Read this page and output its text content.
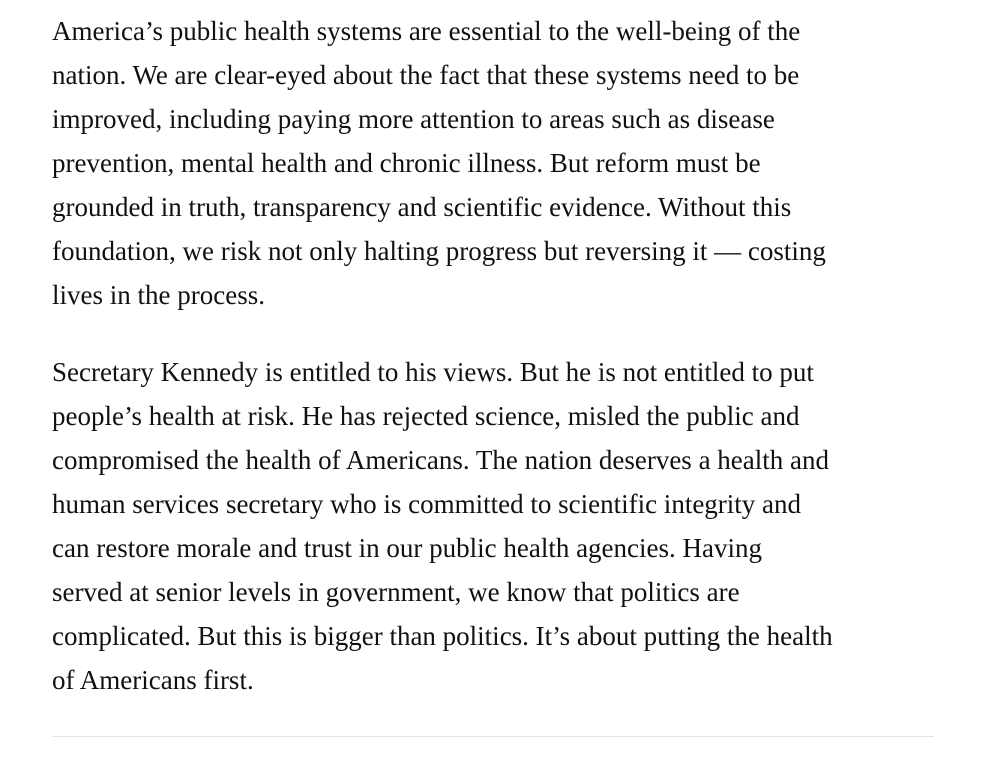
America’s public health systems are essential to the well-being of the
nation. We are clear-eyed about the fact that these systems need to be
improved, including paying more attention to areas such as disease
prevention, mental health and chronic illness. But reform must be
grounded in truth, transparency and scientific evidence. Without this
foundation, we risk not only halting progress but reversing it — costing
lives in the process.

Secretary Kennedy is entitled to his views. But he is not entitled to put
people’s health at risk. He has rejected science, misled the public and
compromised the health of Americans. The nation deserves a health and
human services secretary who is committed to scientific integrity and
can restore morale and trust in our public health agencies. Having
served at senior levels in government, we know that politics are
complicated. But this is bigger than politics. It’s about putting the health
of Americans first.
